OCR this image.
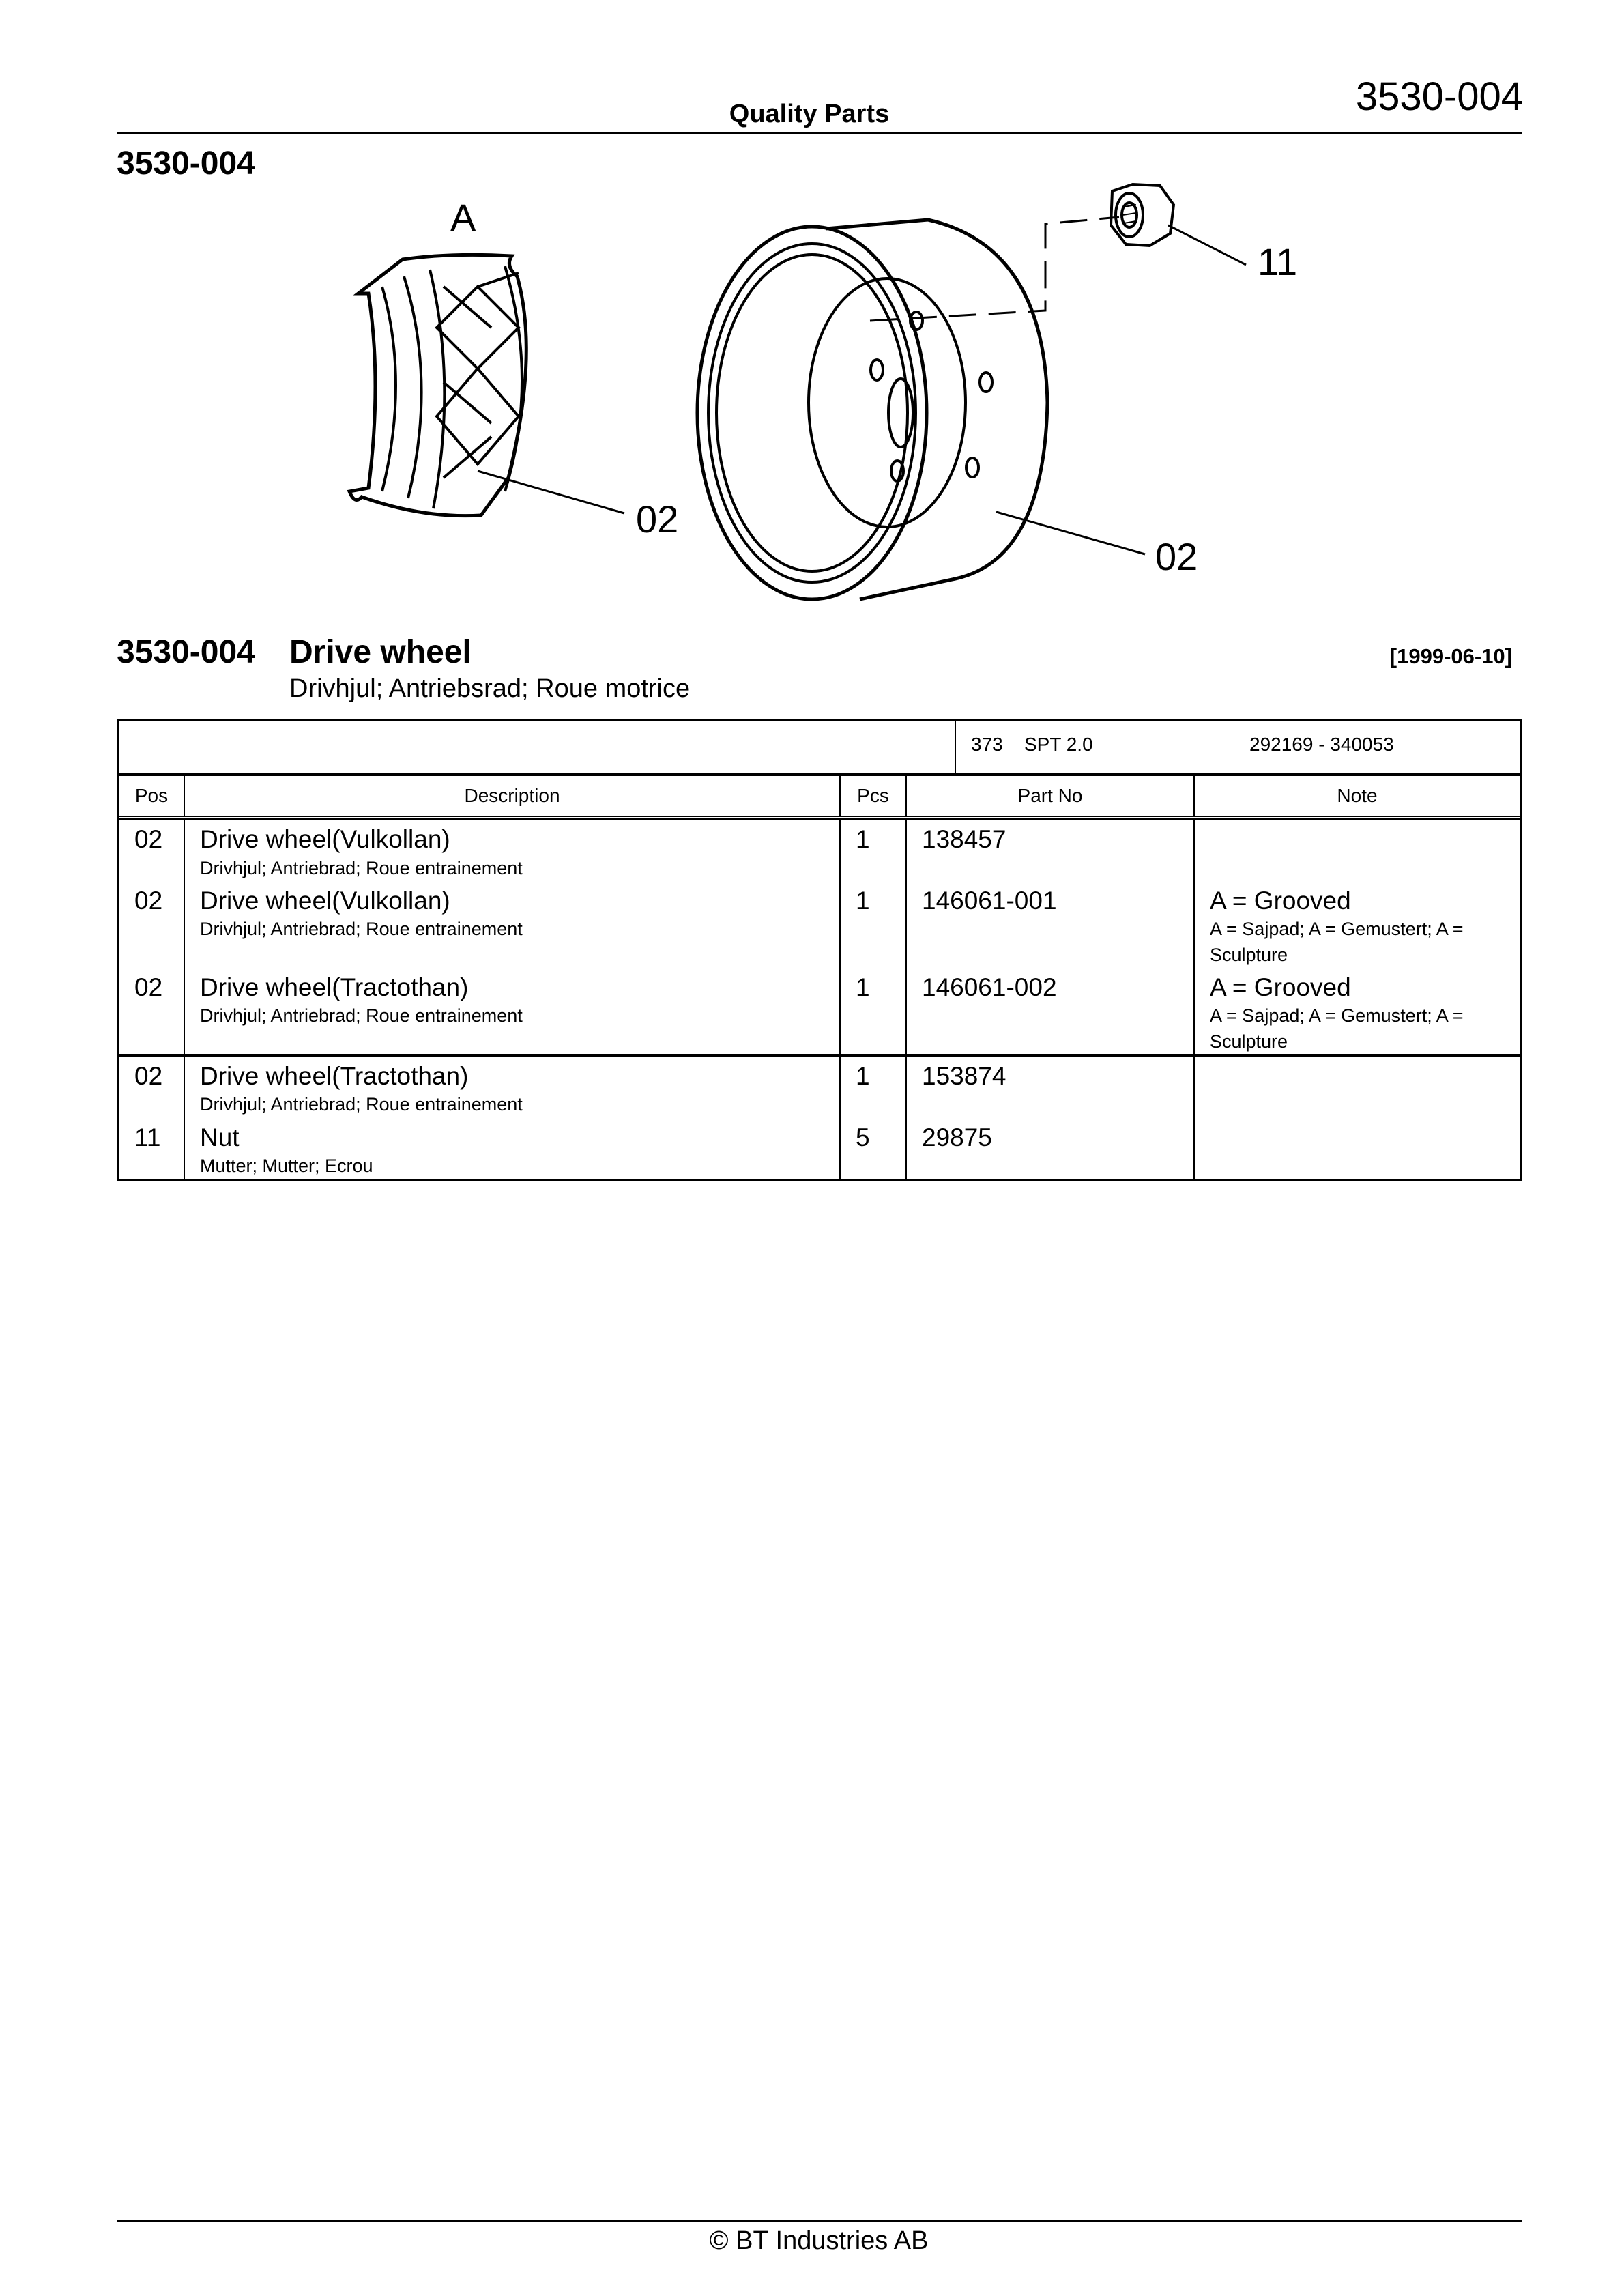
Quality Parts	3530-004
3530-004
A
02
02
11
3530-004 Drive wheel	[1999-06-10]
Drivhjul; Antriebsrad; Roue motrice
373 SPT 2.0	292169 - 340053
Pos	Description	Pcs	Part No	Note
02	Drive wheel(Vulkollan)
Drivhjul; Antriebrad; Roue entrainement	1	138457	

02	Drive wheel(Vulkollan)
Drivhjul; Antriebrad; Roue entrainement	1	146061-001	A = Grooved
A = Sajpad; A = Gemustert; A = Sculpture

02	Drive wheel(Tractothan)
Drivhjul; Antriebrad; Roue entrainement	1	146061-002	A = Grooved
A = Sajpad; A = Gemustert; A = Sculpture

02	Drive wheel(Tractothan)
Drivhjul; Antriebrad; Roue entrainement	1	153874	

11	Nut
Mutter; Mutter; Ecrou	5	29875	
© BT Industries AB
